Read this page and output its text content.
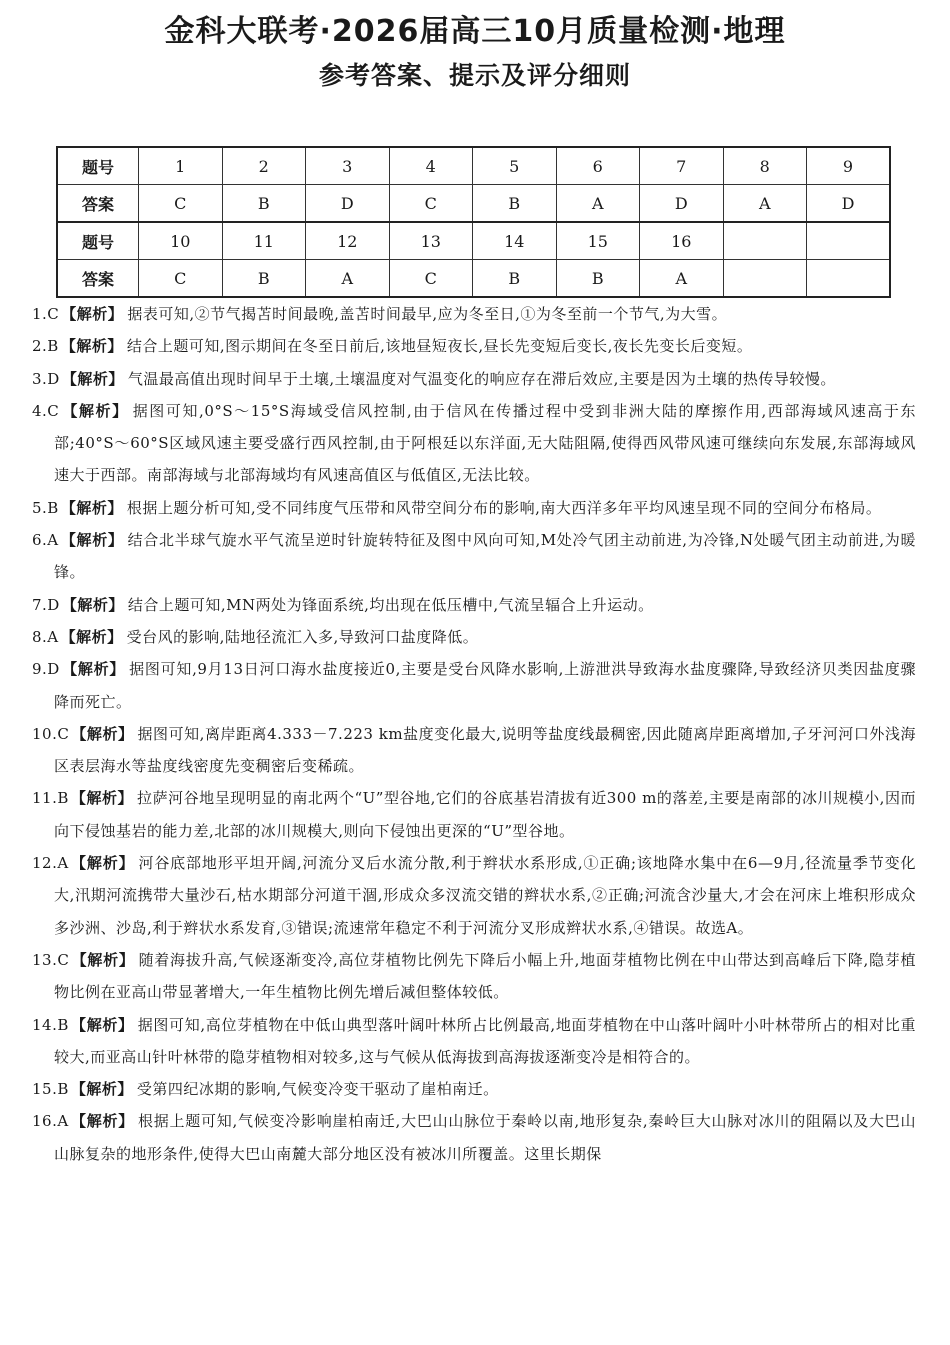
金科大联考·2026届高三10月质量检测·地理
参考答案、提示及评分细则
题号	1	2	3	4	5	6	7	8	9
答案	C	B	D	C	B	A	D	A	D
题号	10	11	12	13	14	15	16		
答案	C	B	A	C	B	B	A		
1.C 【解析】 据表可知,②节气揭苫时间最晚,盖苫时间最早,应为冬至日,①为冬至前一个节气,为大雪。
2.B 【解析】 结合上题可知,图示期间在冬至日前后,该地昼短夜长,昼长先变短后变长,夜长先变长后变短。
3.D 【解析】 气温最高值出现时间早于土壤,土壤温度对气温变化的响应存在滞后效应,主要是因为土壤的热传导较慢。
4.C 【解析】 据图可知,0°S～15°S海域受信风控制,由于信风在传播过程中受到非洲大陆的摩擦作用,西部海域风速高于东部;40°S～60°S区域风速主要受盛行西风控制,由于阿根廷以东洋面,无大陆阻隔,使得西风带风速可继续向东发展,东部海域风速大于西部。南部海域与北部海域均有风速高值区与低值区,无法比较。
5.B 【解析】 根据上题分析可知,受不同纬度气压带和风带空间分布的影响,南大西洋多年平均风速呈现不同的空间分布格局。
6.A 【解析】 结合北半球气旋水平气流呈逆时针旋转特征及图中风向可知,M处冷气团主动前进,为冷锋,N处暖气团主动前进,为暖锋。
7.D 【解析】 结合上题可知,MN两处为锋面系统,均出现在低压槽中,气流呈辐合上升运动。
8.A 【解析】 受台风的影响,陆地径流汇入多,导致河口盐度降低。
9.D 【解析】 据图可知,9月13日河口海水盐度接近0,主要是受台风降水影响,上游泄洪导致海水盐度骤降,导致经济贝类因盐度骤降而死亡。
10.C 【解析】 据图可知,离岸距离4.333－7.223 km盐度变化最大,说明等盐度线最稠密,因此随离岸距离增加,子牙河河口外浅海区表层海水等盐度线密度先变稠密后变稀疏。
11.B 【解析】 拉萨河谷地呈现明显的南北两个“U”型谷地,它们的谷底基岩清拔有近300 m的落差,主要是南部的冰川规模小,因而向下侵蚀基岩的能力差,北部的冰川规模大,则向下侵蚀出更深的“U”型谷地。
12.A 【解析】 河谷底部地形平坦开阔,河流分叉后水流分散,利于辫状水系形成,①正确;该地降水集中在6—9月,径流量季节变化大,汛期河流携带大量沙石,枯水期部分河道干涸,形成众多汊流交错的辫状水系,②正确;河流含沙量大,才会在河床上堆积形成众多沙洲、沙岛,利于辫状水系发育,③错误;流速常年稳定不利于河流分叉形成辫状水系,④错误。故选A。
13.C 【解析】 随着海拔升高,气候逐渐变冷,高位芽植物比例先下降后小幅上升,地面芽植物比例在中山带达到高峰后下降,隐芽植物比例在亚高山带显著增大,一年生植物比例先增后减但整体较低。
14.B 【解析】 据图可知,高位芽植物在中低山典型落叶阔叶林所占比例最高,地面芽植物在中山落叶阔叶小叶林带所占的相对比重较大,而亚高山针叶林带的隐芽植物相对较多,这与气候从低海拔到高海拔逐渐变冷是相符合的。
15.B 【解析】 受第四纪冰期的影响,气候变冷变干驱动了崖柏南迁。
16.A 【解析】 根据上题可知,气候变冷影响崖柏南迁,大巴山山脉位于秦岭以南,地形复杂,秦岭巨大山脉对冰川的阻隔以及大巴山山脉复杂的地形条件,使得大巴山南麓大部分地区没有被冰川所覆盖。这里长期保
